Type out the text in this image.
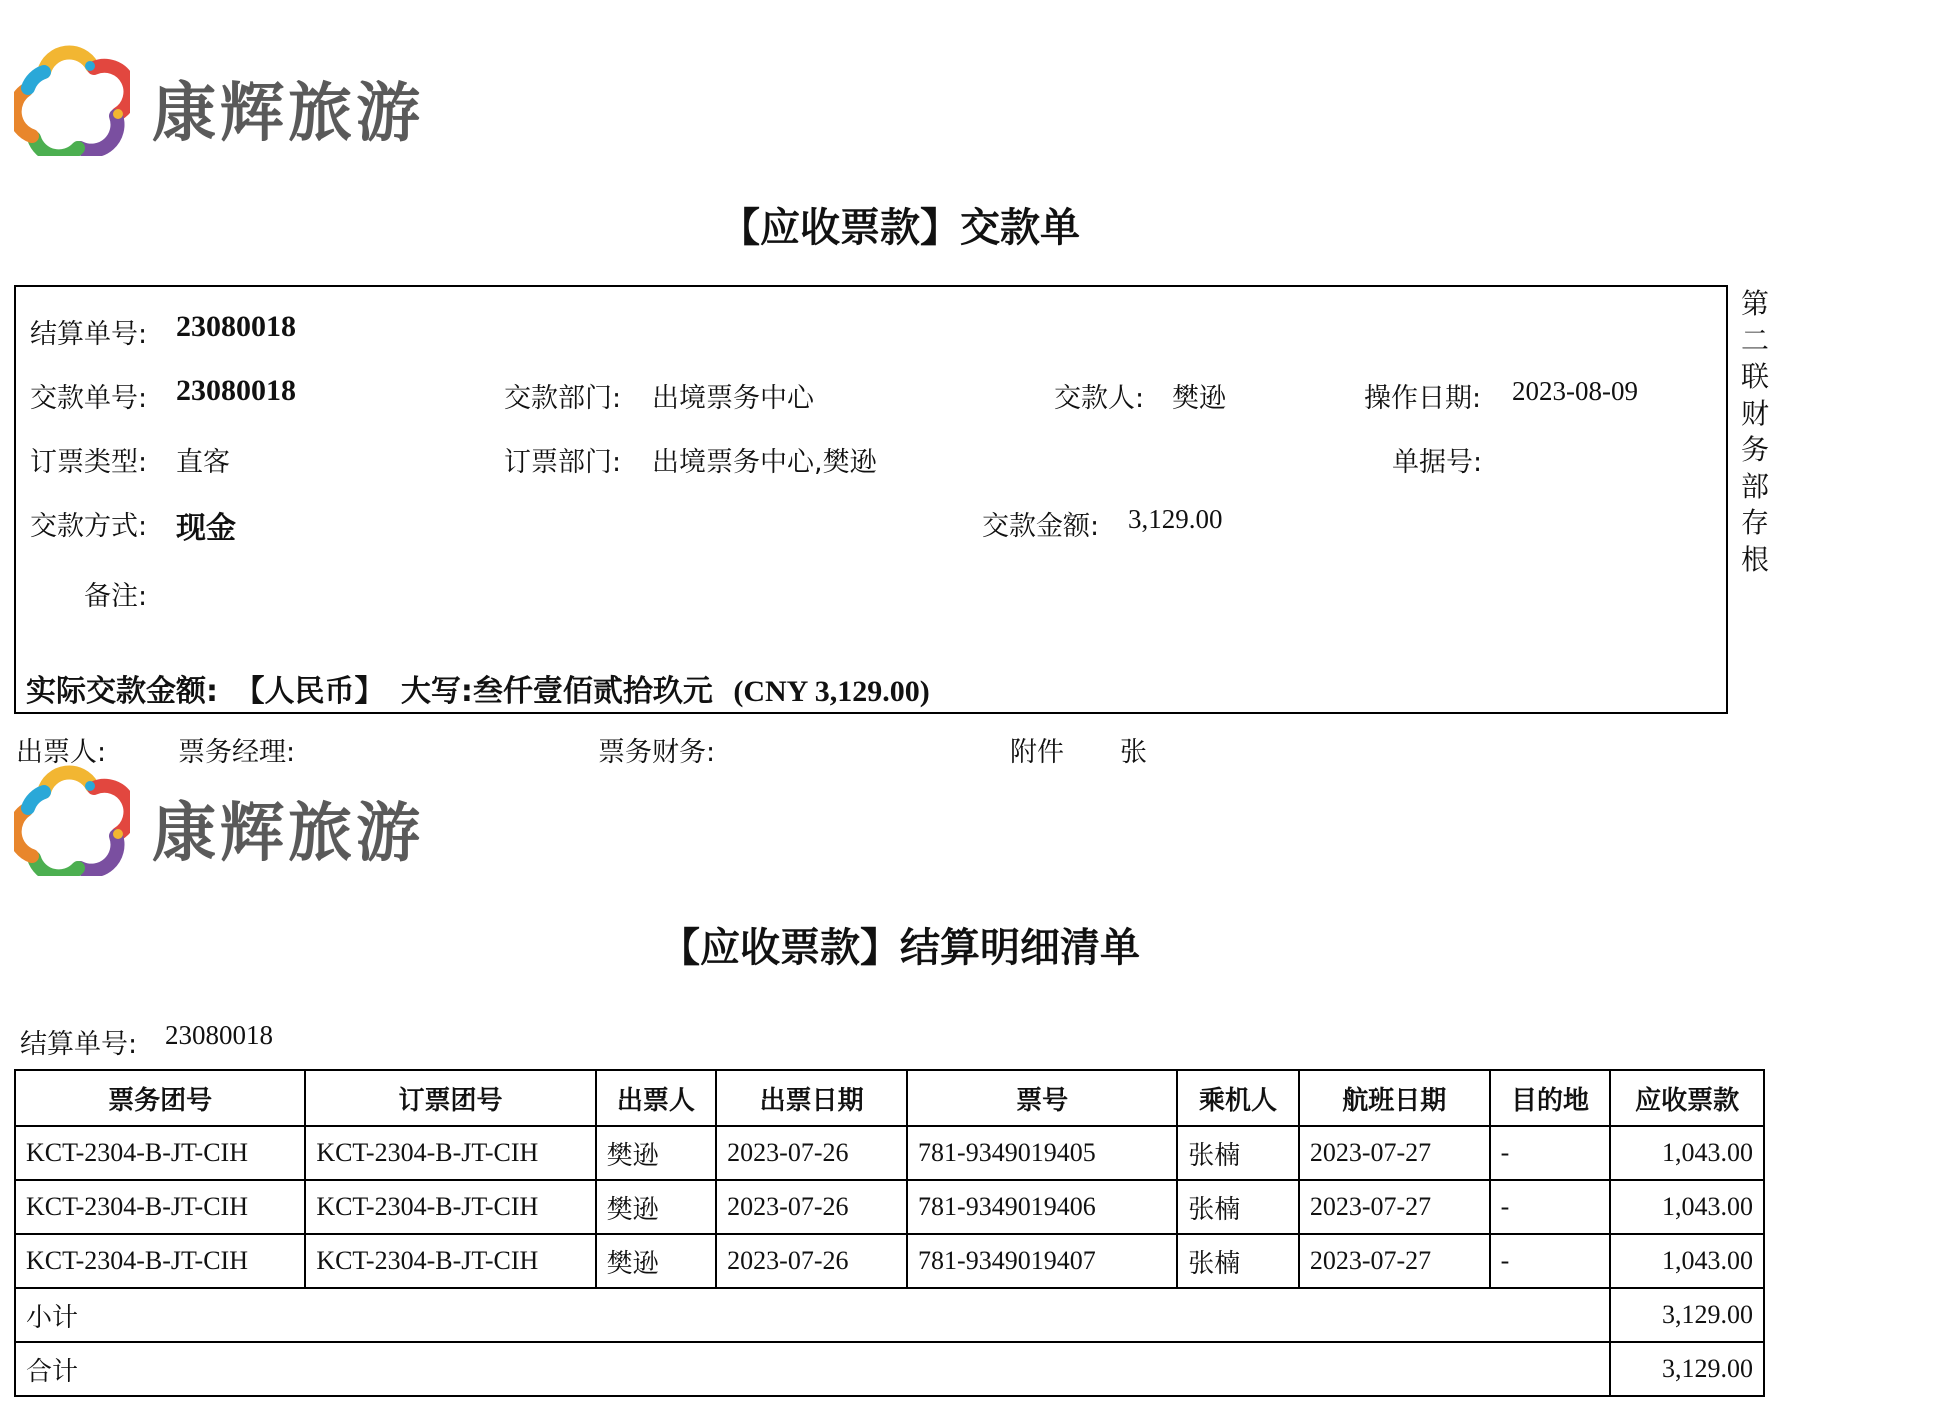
康辉旅游
【应收票款】交款单
结算单号: 23080018
交款单号: 23080018	交款部门: 出境票务中心	交款人: 樊逊	操作日期: 2023-08-09
订票类型: 直客	订票部门: 出境票务中心,樊逊	单据号:
交款方式: 现金	交款金额: 3,129.00
备注:
实际交款金额: 【人民币】 大写:叁仟壹佰贰拾玖元 (CNY 3,129.00)
第
二
联
财
务
部
存
根
出票人:	票务经理:	票务财务:	附件 张
康辉旅游
【应收票款】结算明细清单
结算单号: 23080018
票务团号	订票团号	出票人	出票日期	票号	乘机人	航班日期	目的地	应收票款
KCT-2304-B-JT-CIH	KCT-2304-B-JT-CIH	樊逊	2023-07-26	781-9349019405	张楠	2023-07-27	-	1,043.00
KCT-2304-B-JT-CIH	KCT-2304-B-JT-CIH	樊逊	2023-07-26	781-9349019406	张楠	2023-07-27	-	1,043.00
KCT-2304-B-JT-CIH	KCT-2304-B-JT-CIH	樊逊	2023-07-26	781-9349019407	张楠	2023-07-27	-	1,043.00
小计								3,129.00
合计								3,129.00
